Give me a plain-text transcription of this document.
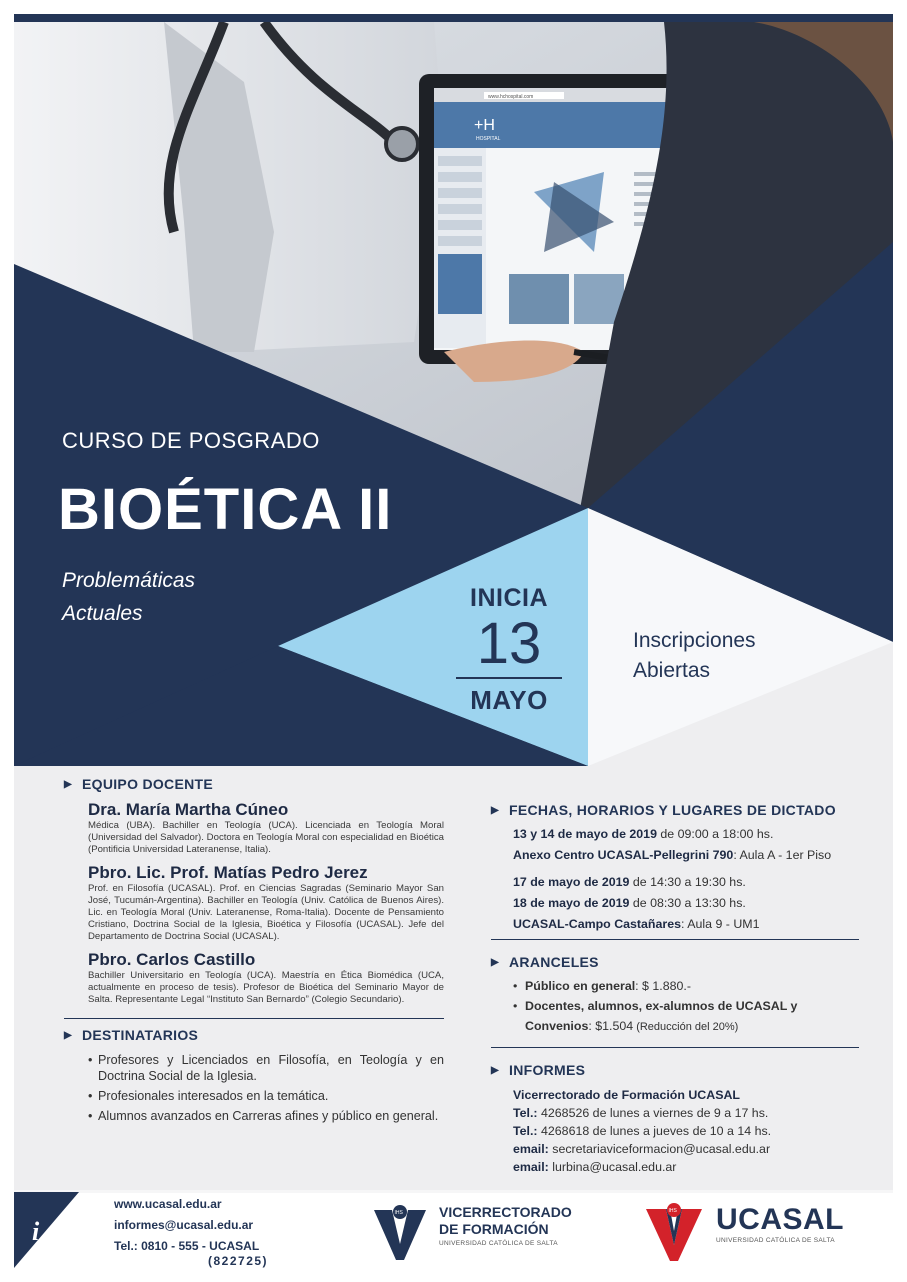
www.hchospital.com
+H
HOSPITAL
CURSO DE POSGRADO
BIOÉTICA II
Problemáticas
Actuales
INICIA
13
MAYO
Inscripciones
Abiertas
▶ EQUIPO DOCENTE
Dra. María Martha Cúneo
Médica (UBA). Bachiller en Teología (UCA). Licenciada en Teología Moral (Universidad del Salvador). Doctora en Teología Moral con especialidad en Bioética (Pontificia Universidad Lateranense, Italia).
Pbro. Lic. Prof. Matías Pedro Jerez
Prof. en Filosofía (UCASAL). Prof. en Ciencias Sagradas (Seminario Mayor San José, Tucumán-Argentina). Bachiller en Teología (Univ. Católica de Buenos Aires). Lic. en Teología Moral (Univ. Lateranense, Roma-Italia). Docente de Pensamiento Cristiano, Doctrina Social de la Iglesia, Bioética y Filosofía (UCASAL). Jefe del Departamento de Doctrina Social (UCASAL).
Pbro. Carlos Castillo
Bachiller Universitario en Teología (UCA). Maestría en Ética Biomédica (UCA, actualmente en proceso de tesis). Profesor de Bioética del Seminario Mayor de Salta. Representante Legal “Instituto San Bernardo” (Colegio Secundario).
▶ DESTINATARIOS
• Profesores y Licenciados en Filosofía, en Teología y en Doctrina Social de la Iglesia.
• Profesionales interesados en la temática.
• Alumnos avanzados en Carreras afines y público en general.
▶ FECHAS, HORARIOS Y LUGARES DE DICTADO
13 y 14 de mayo de 2019 de 09:00 a 18:00 hs.
Anexo Centro UCASAL-Pellegrini 790: Aula A - 1er Piso
17 de mayo de 2019 de 14:30 a 19:30 hs.
18 de mayo de 2019 de 08:30 a 13:30 hs.
UCASAL-Campo Castañares: Aula 9 - UM1
▶ ARANCELES
• Público en general: $ 1.880.-
• Docentes, alumnos, ex-alumnos de UCASAL y
Convenios: $1.504 (Reducción del 20%)
▶ INFORMES
Vicerrectorado de Formación UCASAL
Tel.: 4268526 de lunes a viernes de 9 a 17 hs.
Tel.: 4268618 de lunes a jueves de 10 a 14 hs.
email: secretariaviceformacion@ucasal.edu.ar
email: lurbina@ucasal.edu.ar
i
www.ucasal.edu.ar
informes@ucasal.edu.ar
Tel.: 0810 - 555 - UCASAL
(822725)
IHS	VICERRECTORADO
DE FORMACIÓN
UNIVERSIDAD CATÓLICA DE SALTA
IHS UCASAL
UNIVERSIDAD CATÓLICA DE SALTA
